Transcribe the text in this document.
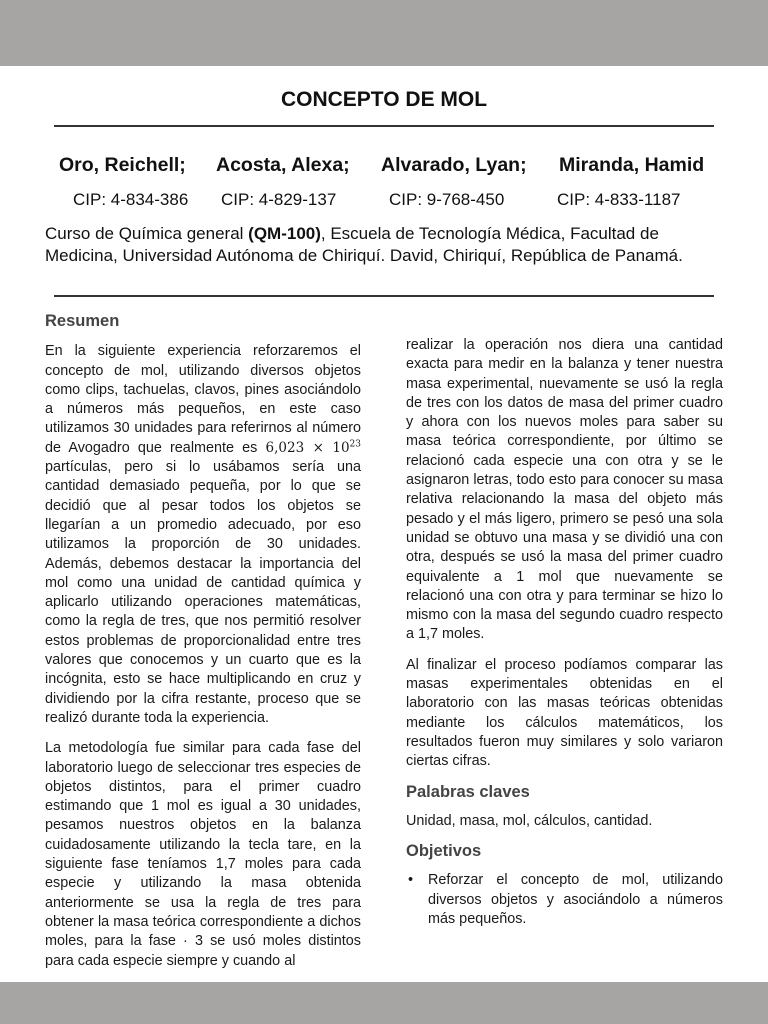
CONCEPTO DE MOL
Oro, Reichell; Acosta, Alexa; Alvarado, Lyan; Miranda, Hamid
CIP: 4-834-386 CIP: 4-829-137	CIP: 9-768-450	CIP: 4-833-1187
Curso de Química general (QM-100), Escuela de Tecnología Médica, Facultad de Medicina, Universidad Autónoma de Chiriquí. David, Chiriquí, República de Panamá.
Resumen

En la siguiente experiencia reforzaremos el concepto de mol, utilizando diversos objetos como clips, tachuelas, clavos, pines asociándolo a números más pequeños, en este caso utilizamos 30 unidades para referirnos al número de Avogadro que realmente es $6,023 \times 10^{23}$ partículas, pero si lo usábamos sería una cantidad demasiado pequeña, por lo que se decidió que al pesar todos los objetos se llegarían a un promedio adecuado, por eso utilizamos la proporción de 30 unidades. Además, debemos destacar la importancia del mol como una unidad de cantidad química y aplicarlo utilizando operaciones matemáticas, como la regla de tres, que nos permitió resolver estos problemas de proporcionalidad entre tres valores que conocemos y un cuarto que es la incógnita, esto se hace multiplicando en cruz y dividiendo por la cifra restante, proceso que se realizó durante toda la experiencia.

La metodología fue similar para cada fase del laboratorio luego de seleccionar tres especies de objetos distintos, para el primer cuadro estimando que 1 mol es igual a 30 unidades, pesamos nuestros objetos en la balanza cuidadosamente utilizando la tecla tare, en la siguiente fase teníamos 1,7 moles para cada especie y utilizando la masa obtenida anteriormente se usa la regla de tres para obtener la masa teórica correspondiente a dichos moles, para la fase · 3 se usó moles distintos para cada especie siempre y cuando al

realizar la operación nos diera una cantidad exacta para medir en la balanza y tener nuestra masa experimental, nuevamente se usó la regla de tres con los datos de masa del primer cuadro y ahora con los nuevos moles para saber su masa teórica correspondiente, por último se relacionó cada especie una con otra y se le asignaron letras, todo esto para conocer su masa relativa relacionando la masa del objeto más pesado y el más ligero, primero se pesó una sola unidad se obtuvo una masa y se dividió una con otra, después se usó la masa del primer cuadro equivalente a 1 mol que nuevamente se relacionó una con otra y para terminar se hizo lo mismo con la masa del segundo cuadro respecto a 1,7 moles.

Al finalizar el proceso podíamos comparar las masas experimentales obtenidas en el laboratorio con las masas teóricas obtenidas mediante los cálculos matemáticos, los resultados fueron muy similares y solo variaron ciertas cifras.

Palabras claves

Unidad, masa, mol, cálculos, cantidad.

Objetivos
• Reforzar el concepto de mol, utilizando diversos objetos y asociándolo a números más pequeños.
